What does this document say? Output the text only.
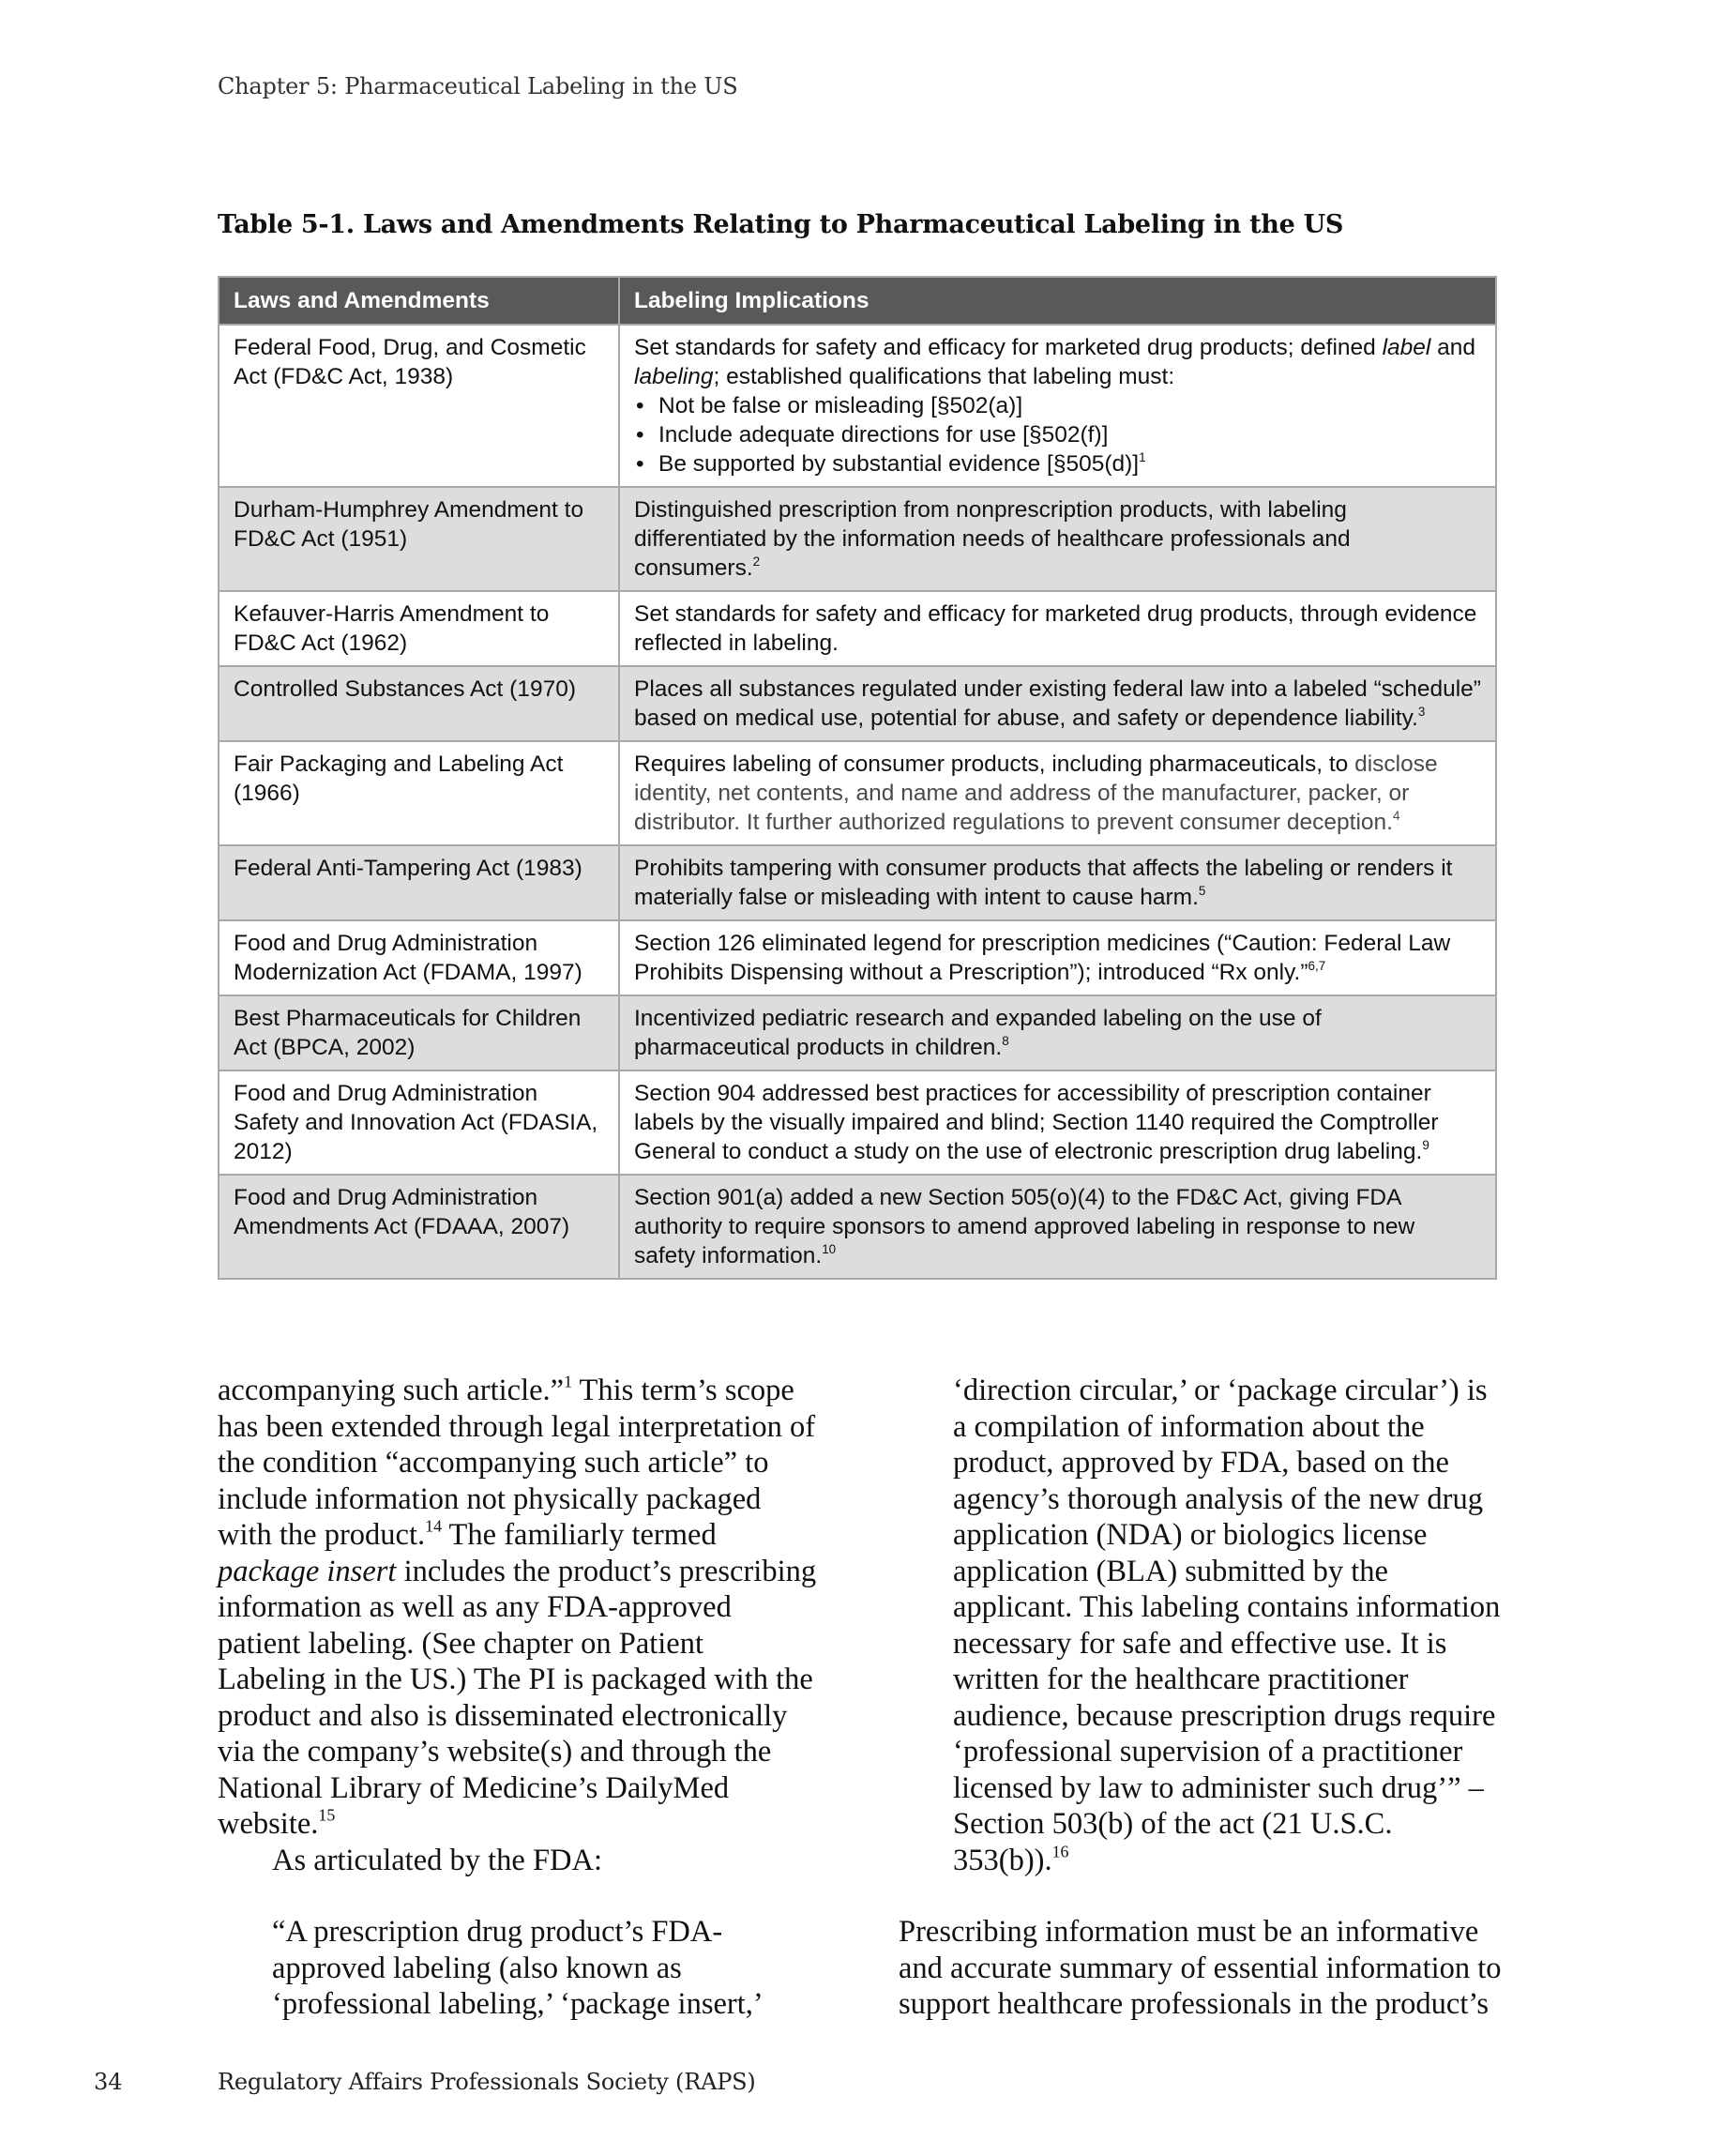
Chapter 5: Pharmaceutical Labeling in the US
Table 5-1. Laws and Amendments Relating to Pharmaceutical Labeling in the US
Laws and Amendments	Labeling Implications
Federal Food, Drug, and Cosmetic Act (FD&C Act, 1938)	Set standards for safety and efficacy for marketed drug products; defined label and labeling; established qualifications that labeling must:
• Not be false or misleading [§502(a)]
• Include adequate directions for use [§502(f)]
• Be supported by substantial evidence [§505(d)]$^1$

Durham-Humphrey Amendment to FD&C Act (1951)	Distinguished prescription from nonprescription products, with labeling differentiated by the information needs of healthcare professionals and consumers.$^2$
Kefauver-Harris Amendment to FD&C Act (1962)	Set standards for safety and efficacy for marketed drug products, through evidence reflected in labeling.
Controlled Substances Act (1970)	Places all substances regulated under existing federal law into a labeled “schedule” based on medical use, potential for abuse, and safety or dependence liability.$^3$
Fair Packaging and Labeling Act (1966)	Requires labeling of consumer products, including pharmaceuticals, to disclose identity, net contents, and name and address of the manufacturer, packer, or distributor. It further authorized regulations to prevent consumer deception.$^4$
Federal Anti-Tampering Act (1983)	Prohibits tampering with consumer products that affects the labeling or renders it materially false or misleading with intent to cause harm.$^5$
Food and Drug Administration Modernization Act (FDAMA, 1997)	Section 126 eliminated legend for prescription medicines (“Caution: Federal Law Prohibits Dispensing without a Prescription”); introduced “Rx only.”$^{6,7}$
Best Pharmaceuticals for Children Act (BPCA, 2002)	Incentivized pediatric research and expanded labeling on the use of pharmaceutical products in children.$^8$
Food and Drug Administration Safety and Innovation Act (FDASIA, 2012)	Section 904 addressed best practices for accessibility of prescription container labels by the visually impaired and blind; Section 1140 required the Comptroller General to conduct a study on the use of electronic prescription drug labeling.$^9$
Food and Drug Administration Amendments Act (FDAAA, 2007)	Section 901(a) added a new Section 505(o)(4) to the FD&C Act, giving FDA authority to require sponsors to amend approved labeling in response to new safety information.$^{10}$

accompanying such article.”$^1$ This term’s scope has been extended through legal interpretation of the condition “accompanying such article” to include information not physically packaged with the product.$^{14}$ The familiarly termed package insert includes the product’s prescribing information as well as any FDA-approved patient labeling. (See chapter on Patient Labeling in the US.) The PI is packaged with the product and also is disseminated electronically via the company’s website(s) and through the National Library of Medicine’s DailyMed website.$^{15}$

As articulated by the FDA:

“A prescription drug product’s FDA-approved labeling (also known as ‘professional labeling,’ ‘package insert,’

‘direction circular,’ or ‘package circular’) is a compilation of information about the product, approved by FDA, based on the agency’s thorough analysis of the new drug application (NDA) or biologics license application (BLA) submitted by the applicant. This labeling contains information necessary for safe and effective use. It is written for the healthcare practitioner audience, because prescription drugs require ‘professional supervision of a practitioner licensed by law to administer such drug’” – Section 503(b) of the act (21 U.S.C. 353(b)).$^{16}$

Prescribing information must be an informative and accurate summary of essential information to support healthcare professionals in the product’s

34	Regulatory Affairs Professionals Society (RAPS)
